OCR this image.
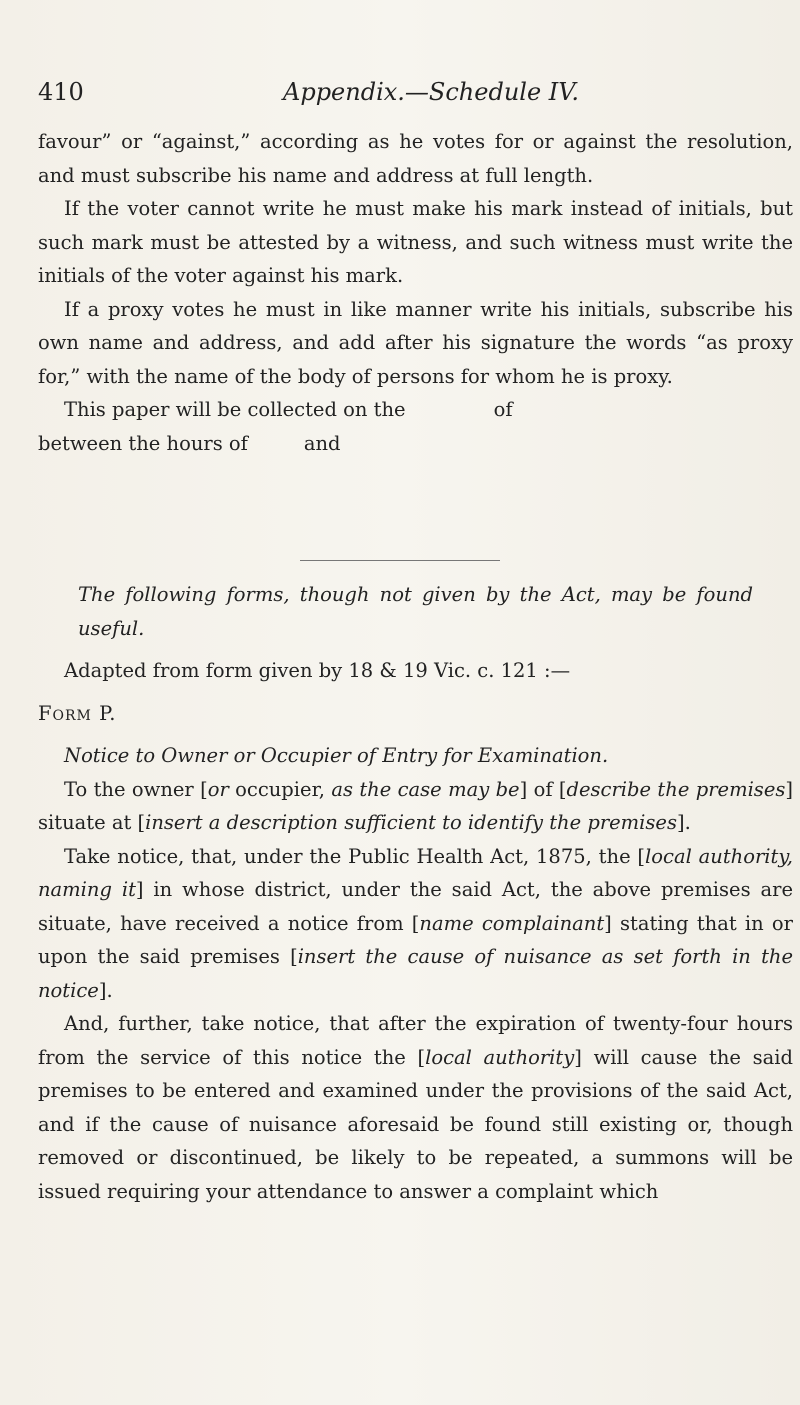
410	Appendix.—Schedule IV.

favour” or “against,” according as he votes for or against the resolution, and must subscribe his name and address at full length.

If the voter cannot write he must make his mark instead of initials, but such mark must be attested by a witness, and such witness must write the initials of the voter against his mark.

If a proxy votes he must in like manner write his initials, subscribe his own name and address, and add after his signature the words “as proxy for,” with the name of the body of persons for whom he is proxy.

This paper will be collected on the	of

between the hours of	and

The following forms, though not given by the Act, may be found useful.

Adapted from form given by 18 & 19 Vic. c. 121 :—

Form P.

Notice to Owner or Occupier of Entry for Examination.

To the owner [or occupier, as the case may be] of [describe the premises] situate at [insert a description sufficient to identify the premises].

Take notice, that, under the Public Health Act, 1875, the [local authority, naming it] in whose district, under the said Act, the above premises are situate, have received a notice from [name complainant] stating that in or upon the said premises [insert the cause of nuisance as set forth in the notice].

And, further, take notice, that after the expiration of twenty-four hours from the service of this notice the [local authority] will cause the said premises to be entered and examined under the provisions of the said Act, and if the cause of nuisance aforesaid be found still existing or, though removed or discontinued, be likely to be repeated, a summons will be issued requiring your attendance to answer a complaint which
